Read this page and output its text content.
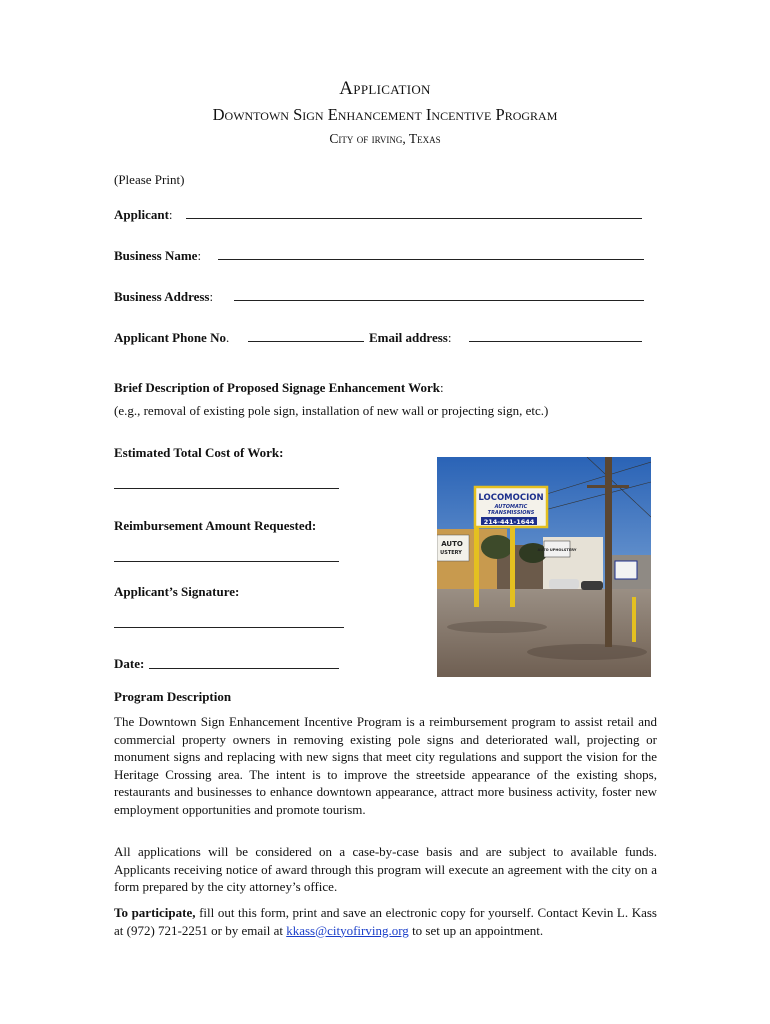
Application
Downtown Sign Enhancement Incentive Program
City of irving, Texas
(Please Print)
Applicant:
Business Name:
Business Address:
Applicant Phone No.	Email address:
Brief Description of Proposed Signage Enhancement Work:
(e.g., removal of existing pole sign, installation of new wall or projecting sign, etc.)
Estimated Total Cost of Work:
Reimbursement Amount Requested:
Applicant’s Signature:
Date:
LOCOMOCION
AUTOMATIC
TRANSMISSIONS
214-441-1644
AUTO
USTERY	AUTO UPHOLSTERY
Program Description

The Downtown Sign Enhancement Incentive Program is a reimbursement program to assist retail and commercial property owners in removing existing pole signs and deteriorated wall, projecting or monument signs and replacing with new signs that meet city regulations and support the vision for the Heritage Crossing area. The intent is to improve the streetside appearance of the existing shops, restaurants and businesses to enhance downtown appearance, attract more business activity, foster new employment opportunities and promote tourism.

All applications will be considered on a case-by-case basis and are subject to available funds. Applicants receiving notice of award through this program will execute an agreement with the city on a form prepared by the city attorney’s office.

To participate, fill out this form, print and save an electronic copy for yourself. Contact Kevin L. Kass at (972) 721-2251 or by email at kkass@cityofirving.org to set up an appointment.
